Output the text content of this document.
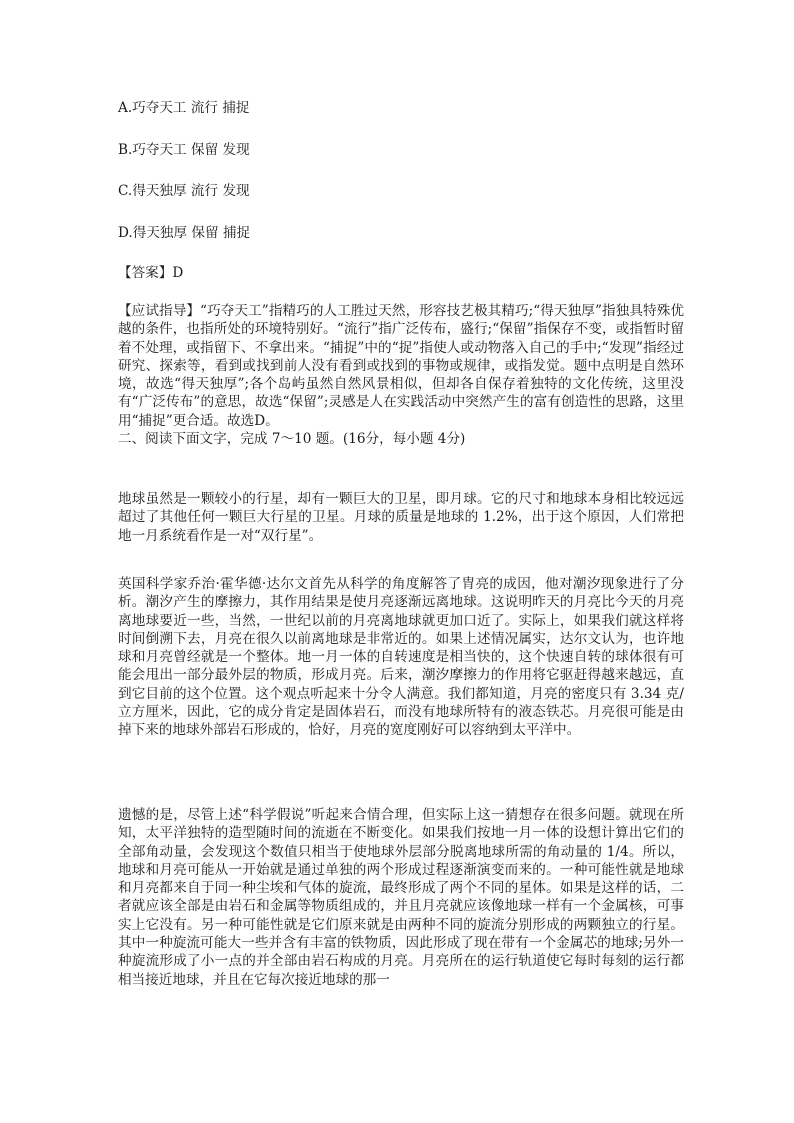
A.巧夺天工 流行 捕捉
B.巧夺天工 保留 发现
C.得天独厚 流行 发现
D.得天独厚 保留 捕捉
【答案】D

【应试指导】“巧夺天工”指精巧的人工胜过天然，形容技艺极其精巧;“得天独厚”指独具特殊优越的条件，也指所处的环境特别好。“流行”指广泛传布，盛行;“保留”指保存不变，或指暂时留着不处理，或指留下、不拿出来。“捕捉”中的“捉”指使人或动物落入自己的手中;“发现”指经过研究、探索等，看到或找到前人没有看到或找到的事物或规律，或指发觉。题中点明是自然环境，故选“得天独厚”;各个岛屿虽然自然风景相似，但却各自保存着独特的文化传统，这里没有“广泛传布”的意思，故选“保留”;灵感是人在实践活动中突然产生的富有创造性的思路，这里用“捕捉”更合适。故选D。

二、阅读下面文字，完成 7～10 题。(16分，每小题 4分)

地球虽然是一颗较小的行星，却有一颗巨大的卫星，即月球。它的尺寸和地球本身相比较远远超过了其他任何一颗巨大行星的卫星。月球的质量是地球的 1.2%，出于这个原因，人们常把地一月系统看作是一对“双行星”。
英国科学家乔治·霍华德·达尔文首先从科学的角度解答了胄亮的成因，他对潮汐现象进行了分析。潮汐产生的摩擦力，其作用结果是使月亮逐渐远离地球。这说明昨天的月亮比今天的月亮离地球要近一些，当然，一世纪以前的月亮离地球就更加口近了。实际上，如果我们就这样将时间倒溯下去，月亮在很久以前离地球是非常近的。如果上述情况属实，达尔文认为，也许地球和月亮曾经就是一个整体。地一月一体的自转速度是相当快的，这个快速自转的球体很有可能会甩出一部分最外层的物质，形成月亮。后来，潮汐摩擦力的作用将它驱赶得越来越远，直到它目前的这个位置。这个观点听起来十分令人满意。我们都知道，月亮的密度只有 3.34 克/立方厘米，因此，它的成分肯定是固体岩石，而没有地球所特有的液态铁芯。月亮很可能是由掉下来的地球外部岩石形成的，恰好，月亮的宽度刚好可以容纳到太平洋中。
遗憾的是，尽管上述“科学假说”听起来合情合理，但实际上这一猜想存在很多问题。就现在所知，太平洋独特的造型随时间的流逝在不断变化。如果我们按地一月一体的设想计算出它们的全部角动量，会发现这个数值只相当于使地球外层部分脱离地球所需的角动量的 1/4。所以，地球和月亮可能从一开始就是通过单独的两个形成过程逐渐演变而来的。一种可能性就是地球和月亮都来自于同一种尘埃和气体的旋流，最终形成了两个不同的星体。如果是这样的话，二者就应该全部是由岩石和金属等物质组成的，并且月亮就应该像地球一样有一个金属核，可事实上它没有。另一种可能性就是它们原来就是由两种不同的旋流分别形成的两颗独立的行星。其中一种旋流可能大一些并含有丰富的铁物质，因此形成了现在带有一个金属芯的地球;另外一种旋流形成了小一点的并全部由岩石构成的月亮。月亮所在的运行轨道使它每时每刻的运行都相当接近地球，并且在它每次接近地球的那一
